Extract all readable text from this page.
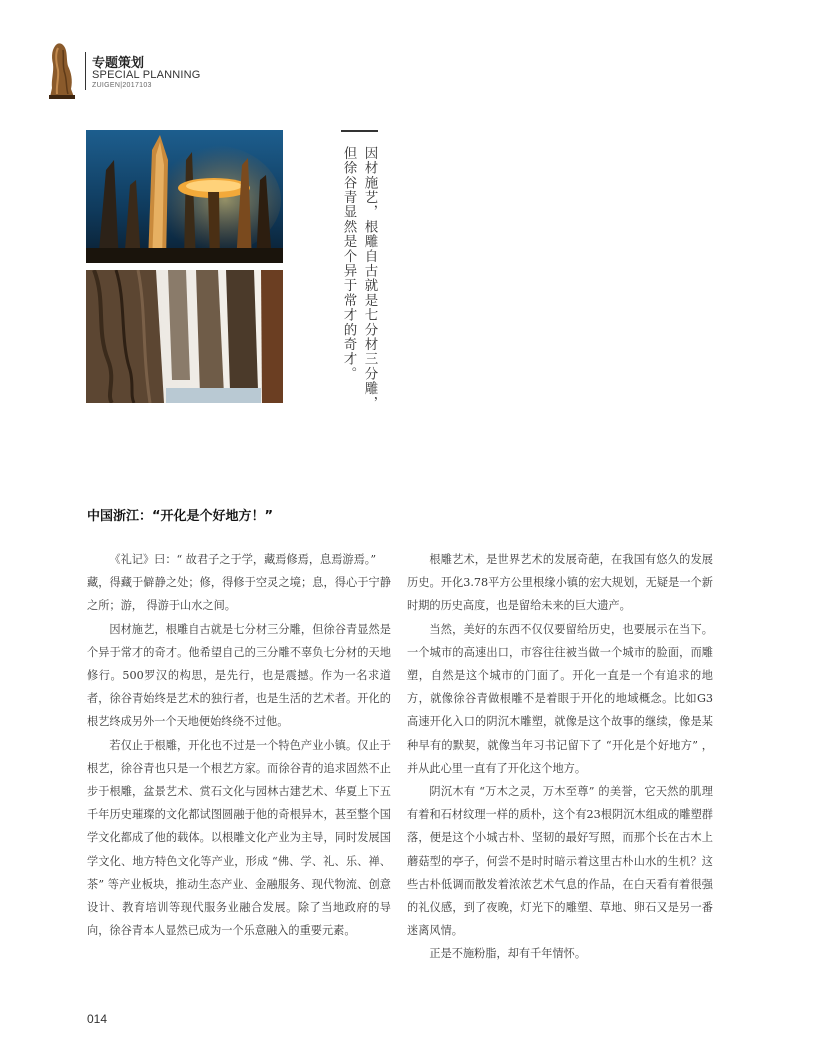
专题策划
SPECIAL PLANNING
ZUIGEN|2017103
因材施艺，根雕自古就是七分材三分雕，
但徐谷青显然是个异于常才的奇才。
中国浙江：“开化是个好地方！”

《礼记》曰：“ 故君子之于学，藏焉修焉，息焉游焉。”

藏，得藏于僻静之处；修，得修于空灵之境；息，得心于宁静之所；游， 得游于山水之间。

因材施艺，根雕自古就是七分材三分雕，但徐谷青显然是个异于常才的奇才。他希望自己的三分雕不辜负七分材的天地修行。500罗汉的构思，是先行，也是震撼。作为一名求道者，徐谷青始终是艺术的独行者，也是生活的艺术者。开化的根艺终成另外一个天地便始终绕不过他。

若仅止于根雕，开化也不过是一个特色产业小镇。仅止于根艺，徐谷青也只是一个根艺方家。而徐谷青的追求固然不止步于根雕，盆景艺术、赏石文化与园林古建艺术、华夏上下五千年历史璀璨的文化都试图圆融于他的奇根异木，甚至整个国学文化都成了他的载体。以根雕文化产业为主导，同时发展国学文化、地方特色文化等产业，形成 “佛、学、礼、乐、禅、茶” 等产业板块，推动生态产业、金融服务、现代物流、创意设计、教育培训等现代服务业融合发展。除了当地政府的导向，徐谷青本人显然已成为一个乐意融入的重要元素。

根雕艺术，是世界艺术的发展奇葩，在我国有悠久的发展历史。开化3.78平方公里根缘小镇的宏大规划，无疑是一个新时期的历史高度，也是留给未来的巨大遗产。

当然，美好的东西不仅仅要留给历史，也要展示在当下。一个城市的高速出口，市容往往被当做一个城市的脸面，而雕塑，自然是这个城市的门面了。开化一直是一个有追求的地方，就像徐谷青做根雕不是着眼于开化的地域概念。比如G3高速开化入口的阴沉木雕塑，就像是这个故事的继续，像是某种早有的默契，就像当年习书记留下了 “开化是个好地方” ，并从此心里一直有了开化这个地方。

阴沉木有 “万木之灵，万木至尊” 的美誉，它天然的肌理有着和石材纹理一样的质朴，这个有23根阴沉木组成的雕塑群落，便是这个小城古朴、坚韧的最好写照，而那个长在古木上蘑菇型的亭子，何尝不是时时暗示着这里古朴山水的生机？这些古朴低调而散发着浓浓艺术气息的作品，在白天看有着很强的礼仪感，到了夜晚，灯光下的雕塑、草地、卵石又是另一番迷离风情。

正是不施粉脂，却有千年情怀。

014
